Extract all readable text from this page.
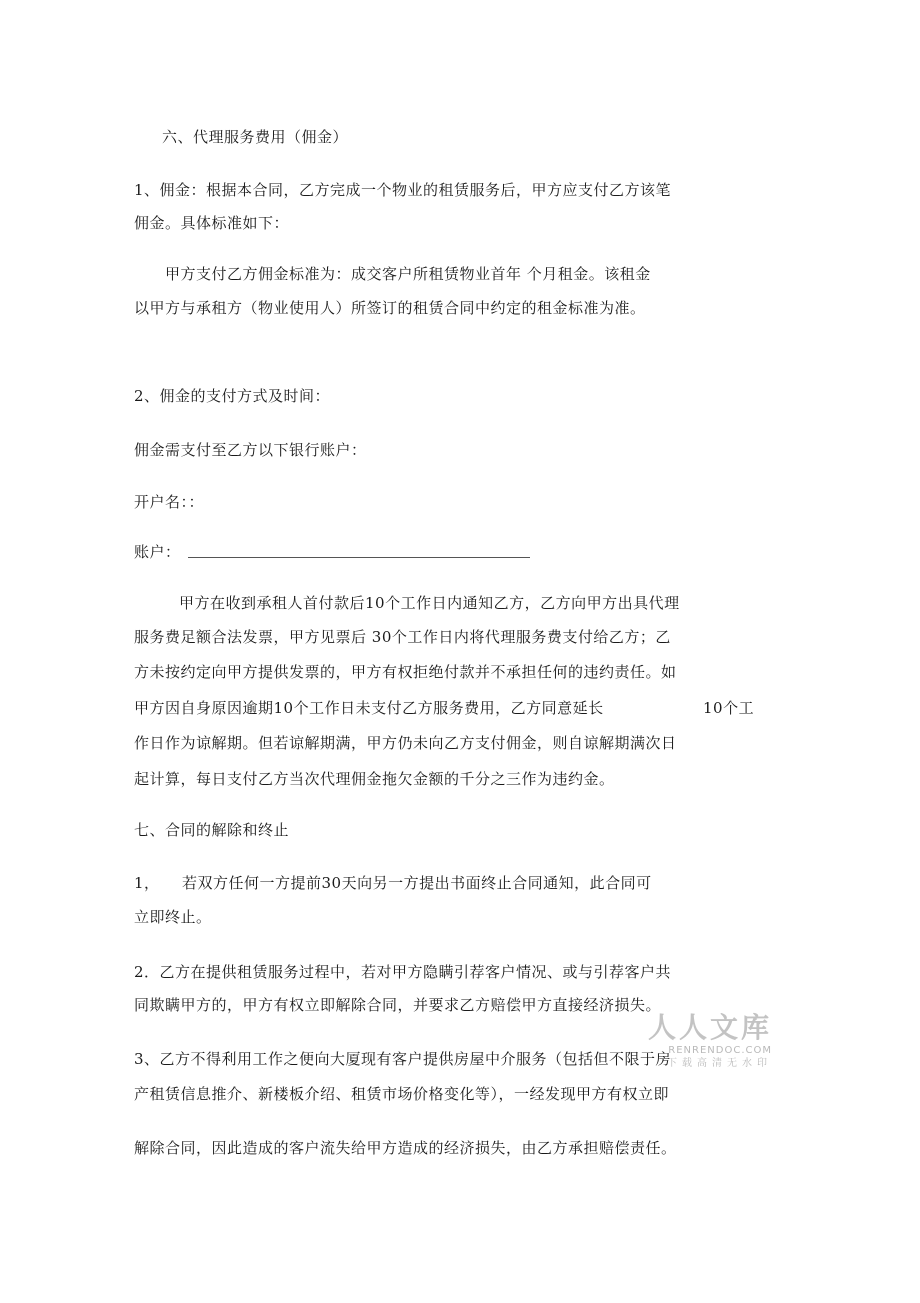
六、代理服务费用（佣金）
1、佣金：根据本合同，乙方完成一个物业的租赁服务后，甲方应支付乙方该笔
佣金。具体标准如下：
甲方支付乙方佣金标准为：成交客户所租赁物业首年 个月租金。该租金
以甲方与承租方（物业使用人）所签订的租赁合同中约定的租金标准为准。
2、佣金的支付方式及时间：
佣金需支付至乙方以下银行账户：
开户名：：
账户：
甲方在收到承租人首付款后10个工作日内通知乙方，乙方向甲方出具代理
服务费足额合法发票，甲方见票后 30个工作日内将代理服务费支付给乙方；乙
方未按约定向甲方提供发票的，甲方有权拒绝付款并不承担任何的违约责任。如
甲方因自身原因逾期10个工作日未支付乙方服务费用，乙方同意延长	10个工
作日作为谅解期。但若谅解期满，甲方仍未向乙方支付佣金，则自谅解期满次日
起计算，每日支付乙方当次代理佣金拖欠金额的千分之三作为违约金。
七、合同的解除和终止
1， 若双方任何一方提前30天向另一方提出书面终止合同通知，此合同可
立即终止。
2．乙方在提供租赁服务过程中，若对甲方隐瞒引荐客户情况、或与引荐客户共
同欺瞒甲方的，甲方有权立即解除合同，并要求乙方赔偿甲方直接经济损失。
3、乙方不得利用工作之便向大厦现有客户提供房屋中介服务（包括但不限于房
产租赁信息推介、新楼板介绍、租赁市场价格变化等），一经发现甲方有权立即
解除合同，因此造成的客户流失给甲方造成的经济损失，由乙方承担赔偿责任。
人人文库
RENRENDOC.COM
下载高清无水印
